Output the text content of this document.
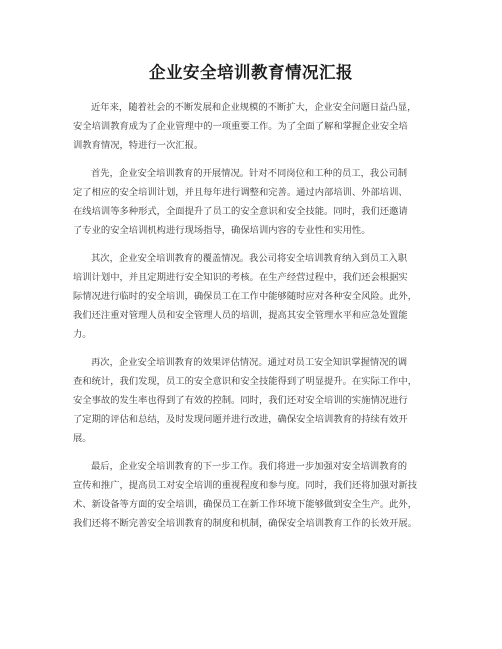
企业安全培训教育情况汇报
近年来，随着社会的不断发展和企业规模的不断扩大，企业安全问题日益凸显，
安全培训教育成为了企业管理中的一项重要工作。为了全面了解和掌握企业安全培
训教育情况，特进行一次汇报。
首先，企业安全培训教育的开展情况。针对不同岗位和工种的员工，我公司制
定了相应的安全培训计划，并且每年进行调整和完善。通过内部培训、外部培训、
在线培训等多种形式，全面提升了员工的安全意识和安全技能。同时，我们还邀请
了专业的安全培训机构进行现场指导，确保培训内容的专业性和实用性。
其次，企业安全培训教育的覆盖情况。我公司将安全培训教育纳入到员工入职
培训计划中，并且定期进行安全知识的考核。在生产经营过程中，我们还会根据实
际情况进行临时的安全培训，确保员工在工作中能够随时应对各种安全风险。此外，
我们还注重对管理人员和安全管理人员的培训，提高其安全管理水平和应急处置能
力。
再次，企业安全培训教育的效果评估情况。通过对员工安全知识掌握情况的调
查和统计，我们发现，员工的安全意识和安全技能得到了明显提升。在实际工作中，
安全事故的发生率也得到了有效的控制。同时，我们还对安全培训的实施情况进行
了定期的评估和总结，及时发现问题并进行改进，确保安全培训教育的持续有效开
展。
最后，企业安全培训教育的下一步工作。我们将进一步加强对安全培训教育的
宣传和推广，提高员工对安全培训的重视程度和参与度。同时，我们还将加强对新技
术、新设备等方面的安全培训，确保员工在新工作环境下能够做到安全生产。此外，
我们还将不断完善安全培训教育的制度和机制，确保安全培训教育工作的长效开展。
